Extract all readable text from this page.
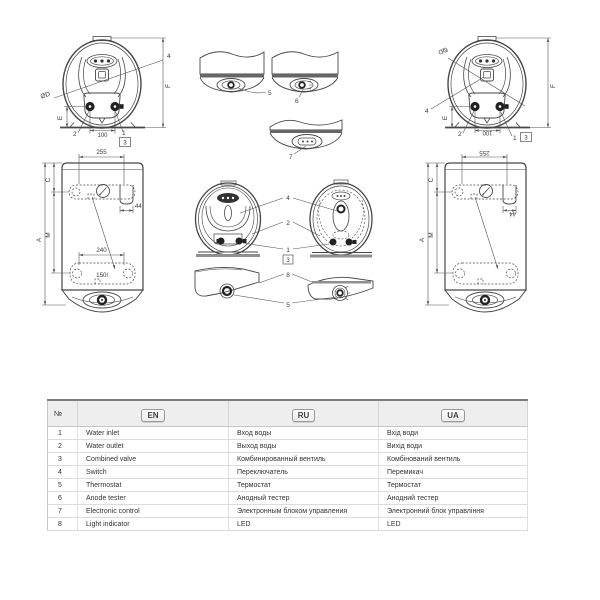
ØD
4
F
E
2	100 1
3
ØD
4
F
E
2	100
1 3
C
M
A
255
240
44
150l
C
M
A
255
44
5
6
7
4
2
1
3
8
5
№	EN	RU	UA
1	Water inlet	Вход воды	Вхід води
2	Water outlet	Выход воды	Вихід води
3	Combined valve	Комбинированный вентиль	Комбінований вентиль
4	Switch	Переключатель	Перемикач
5	Thermostat	Термостат	Термостат
6	Anode tester	Анодный тестер	Анодний тестер
7	Electronic control	Электронным блоком управления	Электронний блок управління
8	Light indicator	LED	LED
